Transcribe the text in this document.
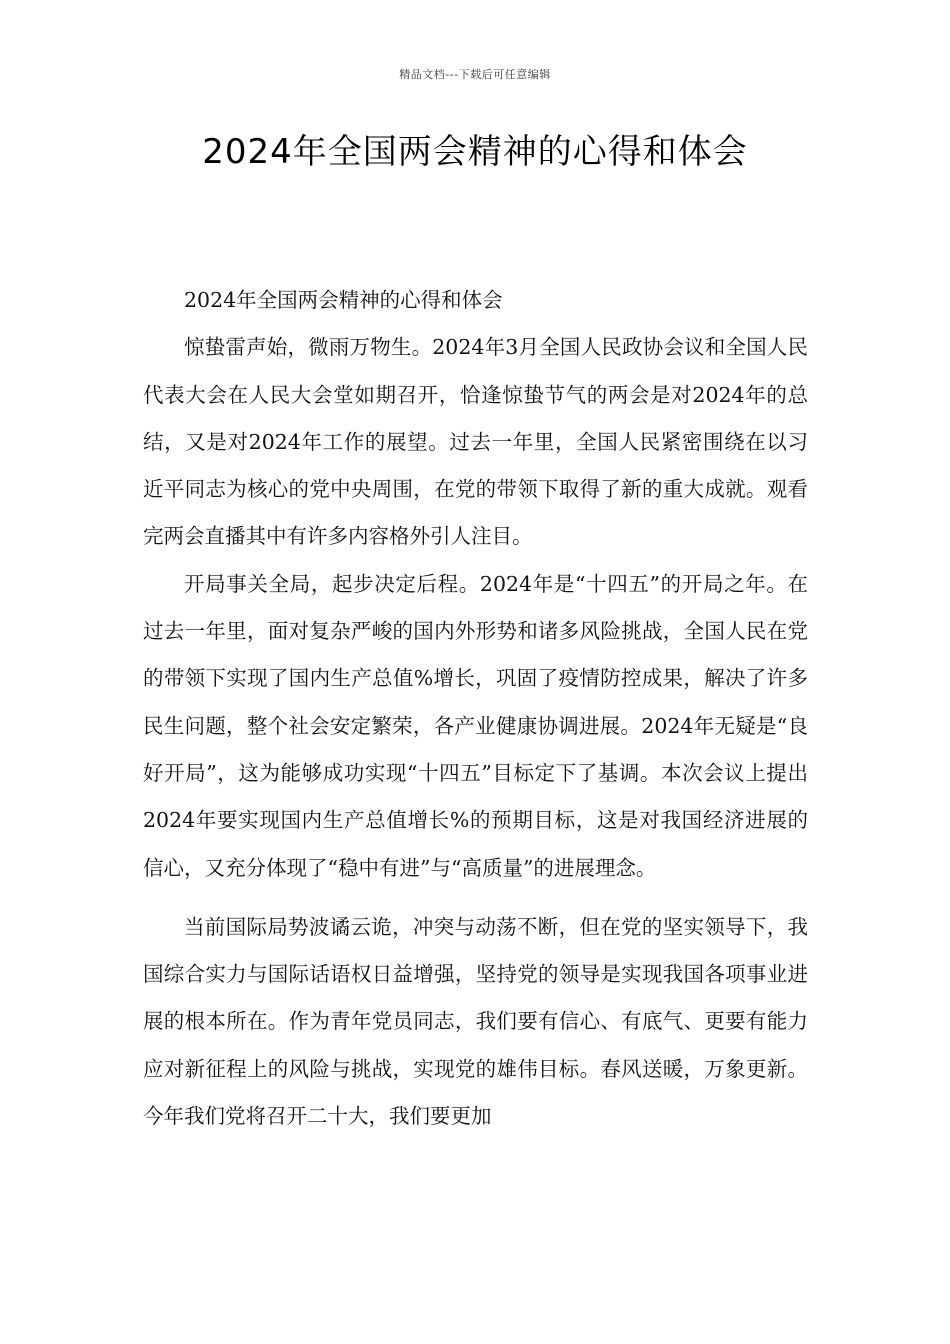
精品文档---下载后可任意编辑
2024年全国两会精神的心得和体会

2024年全国两会精神的心得和体会

惊蛰雷声始，微雨万物生。2024年3月全国人民政协会议和全国人民代表大会在人民大会堂如期召开，恰逢惊蛰节气的两会是对2024年的总结，又是对2024年工作的展望。过去一年里，全国人民紧密围绕在以习近平同志为核心的党中央周围，在党的带领下取得了新的重大成就。观看完两会直播其中有许多内容格外引人注目。

开局事关全局，起步决定后程。2024年是“十四五”的开局之年。在过去一年里，面对复杂严峻的国内外形势和诸多风险挑战，全国人民在党的带领下实现了国内生产总值%增长，巩固了疫情防控成果，解决了许多民生问题，整个社会安定繁荣，各产业健康协调进展。2024年无疑是“良好开局”，这为能够成功实现“十四五”目标定下了基调。本次会议上提出2024年要实现国内生产总值增长%的预期目标，这是对我国经济进展的信心，又充分体现了“稳中有进”与“高质量”的进展理念。

当前国际局势波谲云诡，冲突与动荡不断，但在党的坚实领导下，我国综合实力与国际话语权日益增强，坚持党的领导是实现我国各项事业进展的根本所在。作为青年党员同志，我们要有信心、有底气、更要有能力应对新征程上的风险与挑战，实现党的雄伟目标。春风送暖，万象更新。今年我们党将召开二十大，我们要更加
